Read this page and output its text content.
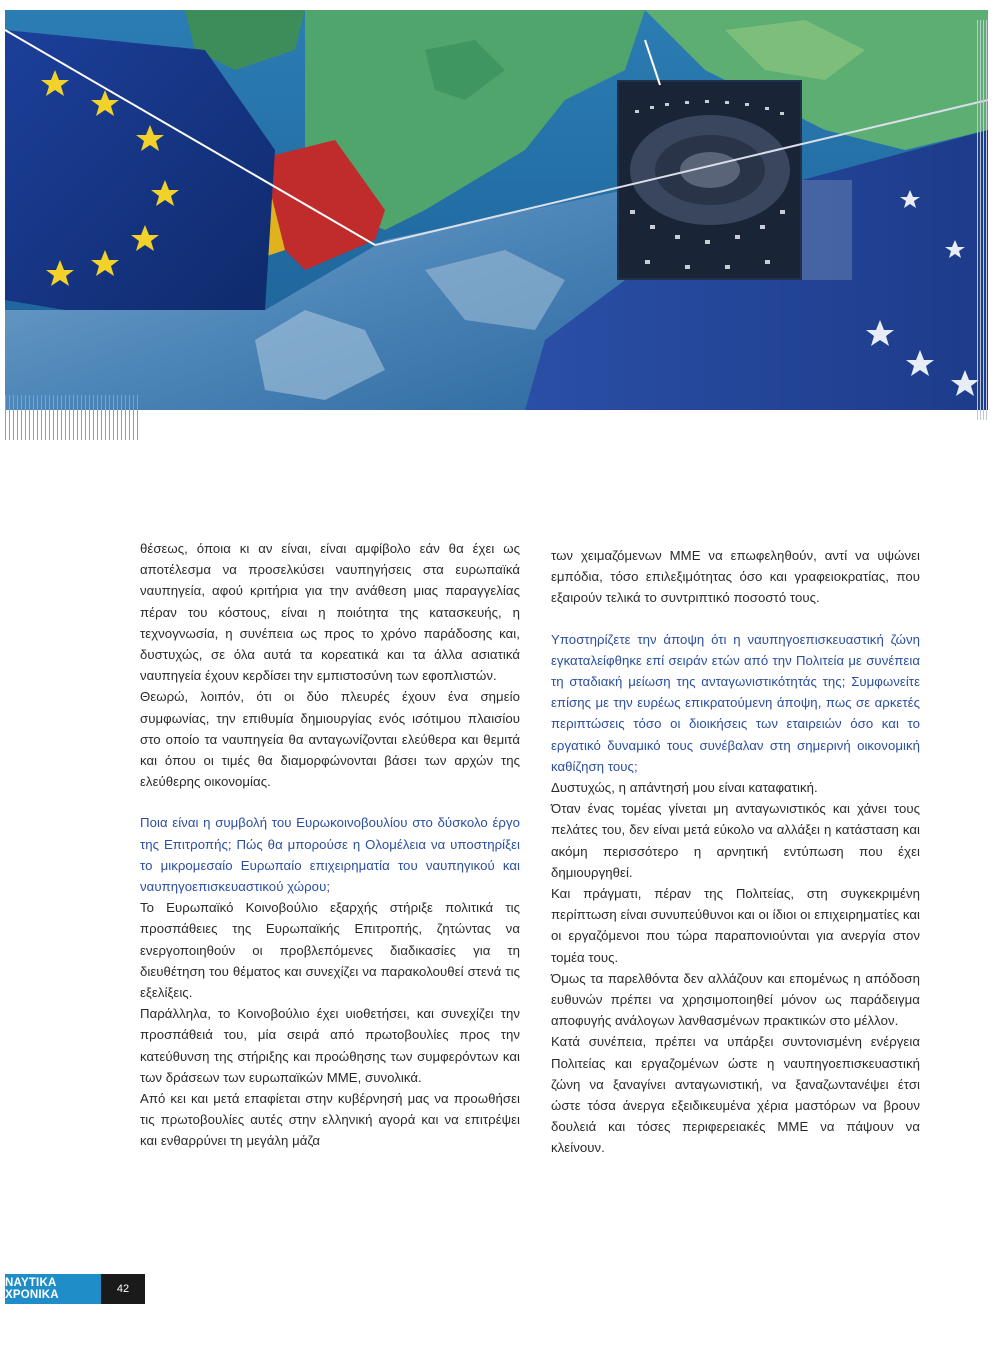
θέσεως, όποια κι αν είναι, είναι αμφίβολο εάν θα έχει ως αποτέλεσμα να προσελκύσει ναυπηγήσεις στα ευρωπαϊκά ναυπηγεία, αφού κριτήρια για την ανάθεση μιας παραγγελίας πέραν του κόστους, είναι η ποιότητα της κατασκευής, η τεχνογνωσία, η συνέπεια ως προς το χρόνο παράδοσης και, δυστυχώς, σε όλα αυτά τα κορεατικά και τα άλλα ασιατικά ναυπηγεία έχουν κερδίσει την εμπιστοσύνη των εφοπλιστών.

Θεωρώ, λοιπόν, ότι οι δύο πλευρές έχουν ένα σημείο συμφωνίας, την επιθυμία δημιουργίας ενός ισότιμου πλαισίου στο οποίο τα ναυπηγεία θα ανταγωνίζονται ελεύθερα και θεμιτά και όπου οι τιμές θα διαμορφώνονται βάσει των αρχών της ελεύθερης οικονομίας.

Ποια είναι η συμβολή του Ευρωκοινοβουλίου στο δύσκολο έργο της Επιτροπής; Πώς θα μπορούσε η Ολομέλεια να υποστηρίξει το μικρομεσαίο Ευρωπαίο επιχειρηματία του ναυπηγικού και ναυπηγοεπισκευαστικού χώρου;

Το Ευρωπαϊκό Κοινοβούλιο εξαρχής στήριξε πολιτικά τις προσπάθειες της Ευρωπαϊκής Επιτροπής, ζητώντας να ενεργοποιηθούν οι προβλεπόμενες διαδικασίες για τη διευθέτηση του θέματος και συνεχίζει να παρακολουθεί στενά τις εξελίξεις.

Παράλληλα, το Κοινοβούλιο έχει υιοθετήσει, και συνεχίζει την προσπάθειά του, μία σειρά από πρωτοβουλίες προς την κατεύθυνση της στήριξης και προώθησης των συμφερόντων και των δράσεων των ευρωπαϊκών ΜΜΕ, συνολικά.

Από κει και μετά επαφίεται στην κυβέρνησή μας να προωθήσει τις πρωτοβουλίες αυτές στην ελληνική αγορά και να επιτρέψει και ενθαρρύνει τη μεγάλη μάζα

των χειμαζόμενων ΜΜΕ να επωφεληθούν, αντί να υψώνει εμπόδια, τόσο επιλεξιμότητας όσο και γραφειοκρατίας, που εξαιρούν τελικά το συντριπτικό ποσοστό τους.

Υποστηρίζετε την άποψη ότι η ναυπηγοεπισκευαστική ζώνη εγκαταλείφθηκε επί σειράν ετών από την Πολιτεία με συνέπεια τη σταδιακή μείωση της ανταγωνιστικότητάς της; Συμφωνείτε επίσης με την ευρέως επικρατούμενη άποψη, πως σε αρκετές περιπτώσεις τόσο οι διοικήσεις των εταιρειών όσο και το εργατικό δυναμικό τους συνέβαλαν στη σημερινή οικονομική καθίζηση τους;

Δυστυχώς, η απάντησή μου είναι καταφατική.

Όταν ένας τομέας γίνεται μη ανταγωνιστικός και χάνει τους πελάτες του, δεν είναι μετά εύκολο να αλλάξει η κατάσταση και ακόμη περισσότερο η αρνητική εντύπωση που έχει δημιουργηθεί.

Και πράγματι, πέραν της Πολιτείας, στη συγκεκριμένη περίπτωση είναι συνυπεύθυνοι και οι ίδιοι οι επιχειρηματίες και οι εργαζόμενοι που τώρα παραπονιούνται για ανεργία στον τομέα τους.

Όμως τα παρελθόντα δεν αλλάζουν και επομένως η απόδοση ευθυνών πρέπει να χρησιμοποιηθεί μόνον ως παράδειγμα αποφυγής ανάλογων λανθασμένων πρακτικών στο μέλλον.

Κατά συνέπεια, πρέπει να υπάρξει συντονισμένη ενέργεια Πολιτείας και εργαζομένων ώστε η ναυπηγοεπισκευαστική ζώνη να ξαναγίνει ανταγωνιστική, να ξαναζωντανέψει έτσι ώστε τόσα άνεργα εξειδικευμένα χέρια μαστόρων να βρουν δουλειά και τόσες περιφερειακές ΜΜΕ να πάψουν να κλείνουν.

ΝΑΥΤΙΚΑ ΧΡΟΝΙΚΑ	42
